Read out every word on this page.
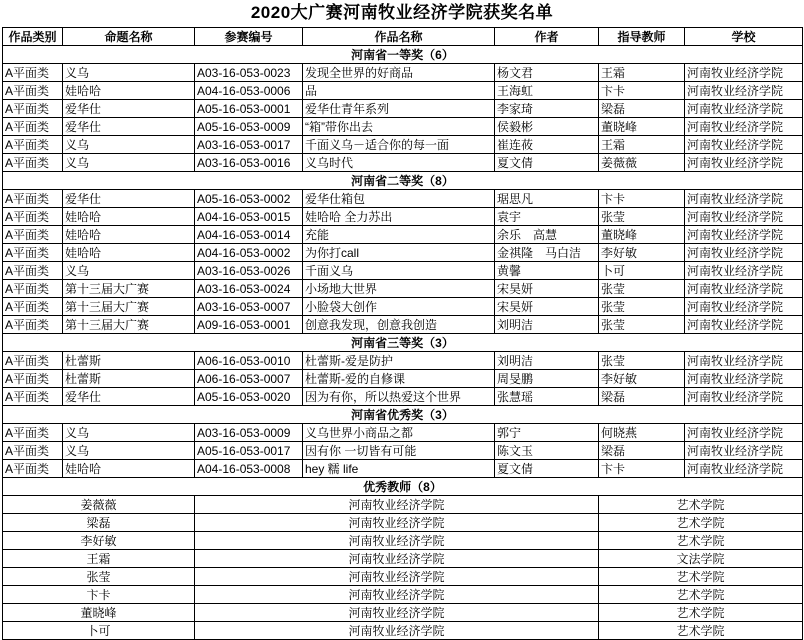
2020大广赛河南牧业经济学院获奖名单
作品类别	命题名称	参赛编号	作品名称	作者	指导教师	学校
河南省一等奖（6）						
A平面类	义乌	A03-16-053-0023	发现全世界的好商品	杨文君	王霜	河南牧业经济学院
A平面类	娃哈哈	A04-16-053-0006	品	王海虹	卞卡	河南牧业经济学院
A平面类	爱华仕	A05-16-053-0001	爱华仕青年系列	李家琦	梁磊	河南牧业经济学院
A平面类	爱华仕	A05-16-053-0009	“箱”带你出去	侯毅彬	董晓峰	河南牧业经济学院
A平面类	义乌	A03-16-053-0017	千面义乌－适合你的每一面	崔连莜	王霜	河南牧业经济学院
A平面类	义乌	A03-16-053-0016	义乌时代	夏文倩	姜薇薇	河南牧业经济学院
河南省二等奖（8）						
A平面类	爱华仕	A05-16-053-0002	爱华仕箱包	琚思凡	卞卡	河南牧业经济学院
A平面类	娃哈哈	A04-16-053-0015	娃哈哈 全力苏出	袁宇	张莹	河南牧业经济学院
A平面类	娃哈哈	A04-16-053-0014	充能	余乐　高慧	董晓峰	河南牧业经济学院
A平面类	娃哈哈	A04-16-053-0002	为你打call	金祺隆　马白洁	李好敏	河南牧业经济学院
A平面类	义乌	A03-16-053-0026	千面义乌	黄馨	卜可	河南牧业经济学院
A平面类	第十三届大广赛	A03-16-053-0024	小场地大世界	宋昊妍	张莹	河南牧业经济学院
A平面类	第十三届大广赛	A03-16-053-0007	小脸袋大创作	宋昊妍	张莹	河南牧业经济学院
A平面类	第十三届大广赛	A09-16-053-0001	创意我发现，创意我创造	刘明洁	张莹	河南牧业经济学院
河南省三等奖（3）						
A平面类	杜蕾斯	A06-16-053-0010	杜蕾斯-爱是防护	刘明洁	张莹	河南牧业经济学院
A平面类	杜蕾斯	A06-16-053-0007	杜蕾斯-爱的自修课	周旻鹏	李好敏	河南牧业经济学院
A平面类	爱华仕	A05-16-053-0020	因为有你，所以热爱这个世界	张慧瑶	梁磊	河南牧业经济学院
河南省优秀奖（3）						
A平面类	义乌	A03-16-053-0009	义乌世界小商品之都	郭宁	何晓燕	河南牧业经济学院
A平面类	义乌	A05-16-053-0017	因有你 一切皆有可能	陈文玉	梁磊	河南牧业经济学院
A平面类	娃哈哈	A04-16-053-0008	hey 糯 life	夏文倩	卞卡	河南牧业经济学院
优秀教师（8）						
姜薇薇		河南牧业经济学院			艺术学院	
梁磊		河南牧业经济学院			艺术学院	
李好敏		河南牧业经济学院			艺术学院	
王霜		河南牧业经济学院			文法学院	
张莹		河南牧业经济学院			艺术学院	
卞卡		河南牧业经济学院			艺术学院	
董晓峰		河南牧业经济学院			艺术学院	
卜可		河南牧业经济学院			艺术学院	
